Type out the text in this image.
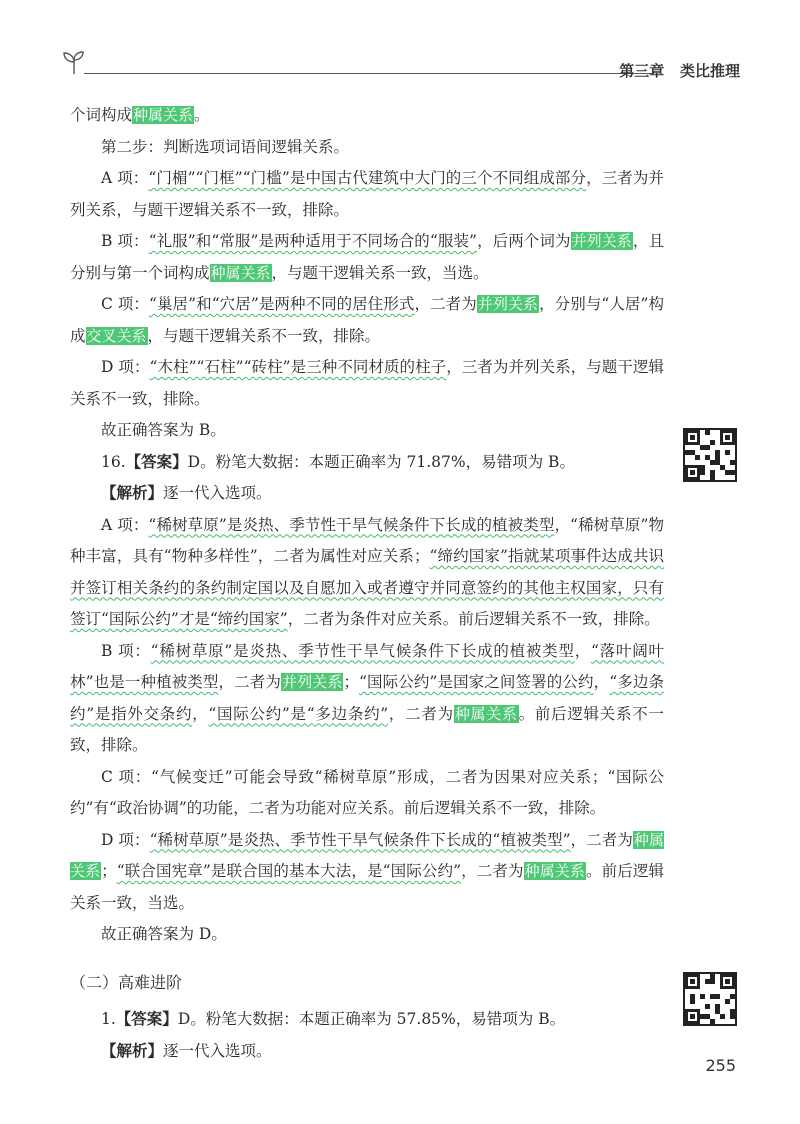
第三章 类比推理

个词构成种属关系。

第二步：判断选项词语间逻辑关系。

A 项：“门楣”“门框”“门槛”是中国古代建筑中大门的三个不同组成部分，三者为并列关系，与题干逻辑关系不一致，排除。

B 项：“礼服”和“常服”是两种适用于不同场合的“服装”，后两个词为并列关系，且分别与第一个词构成种属关系，与题干逻辑关系一致，当选。

C 项：“巢居”和“穴居”是两种不同的居住形式，二者为并列关系，分别与“人居”构成交叉关系，与题干逻辑关系不一致，排除。

D 项：“木柱”“石柱”“砖柱”是三种不同材质的柱子，三者为并列关系，与题干逻辑关系不一致，排除。

故正确答案为 B。

16.【答案】D。粉笔大数据：本题正确率为 71.87%，易错项为 B。

【解析】逐一代入选项。

A 项：“稀树草原”是炎热、季节性干旱气候条件下长成的植被类型，“稀树草原”物种丰富，具有“物种多样性”，二者为属性对应关系；“缔约国家”指就某项事件达成共识并签订相关条约的条约制定国以及自愿加入或者遵守并同意签约的其他主权国家，只有签订“国际公约”才是“缔约国家”，二者为条件对应关系。前后逻辑关系不一致，排除。

B 项：“稀树草原”是炎热、季节性干旱气候条件下长成的植被类型，“落叶阔叶林”也是一种植被类型，二者为并列关系；“国际公约”是国家之间签署的公约，“多边条约”是指外交条约，“国际公约”是“多边条约”，二者为种属关系。前后逻辑关系不一致，排除。

C 项：“气候变迁”可能会导致“稀树草原”形成，二者为因果对应关系；“国际公约”有“政治协调”的功能，二者为功能对应关系。前后逻辑关系不一致，排除。

D 项：“稀树草原”是炎热、季节性干旱气候条件下长成的“植被类型”，二者为种属关系；“联合国宪章”是联合国的基本大法，是“国际公约”，二者为种属关系。前后逻辑关系一致，当选。

故正确答案为 D。

（二）高难进阶

1.【答案】D。粉笔大数据：本题正确率为 57.85%，易错项为 B。

【解析】逐一代入选项。

255
